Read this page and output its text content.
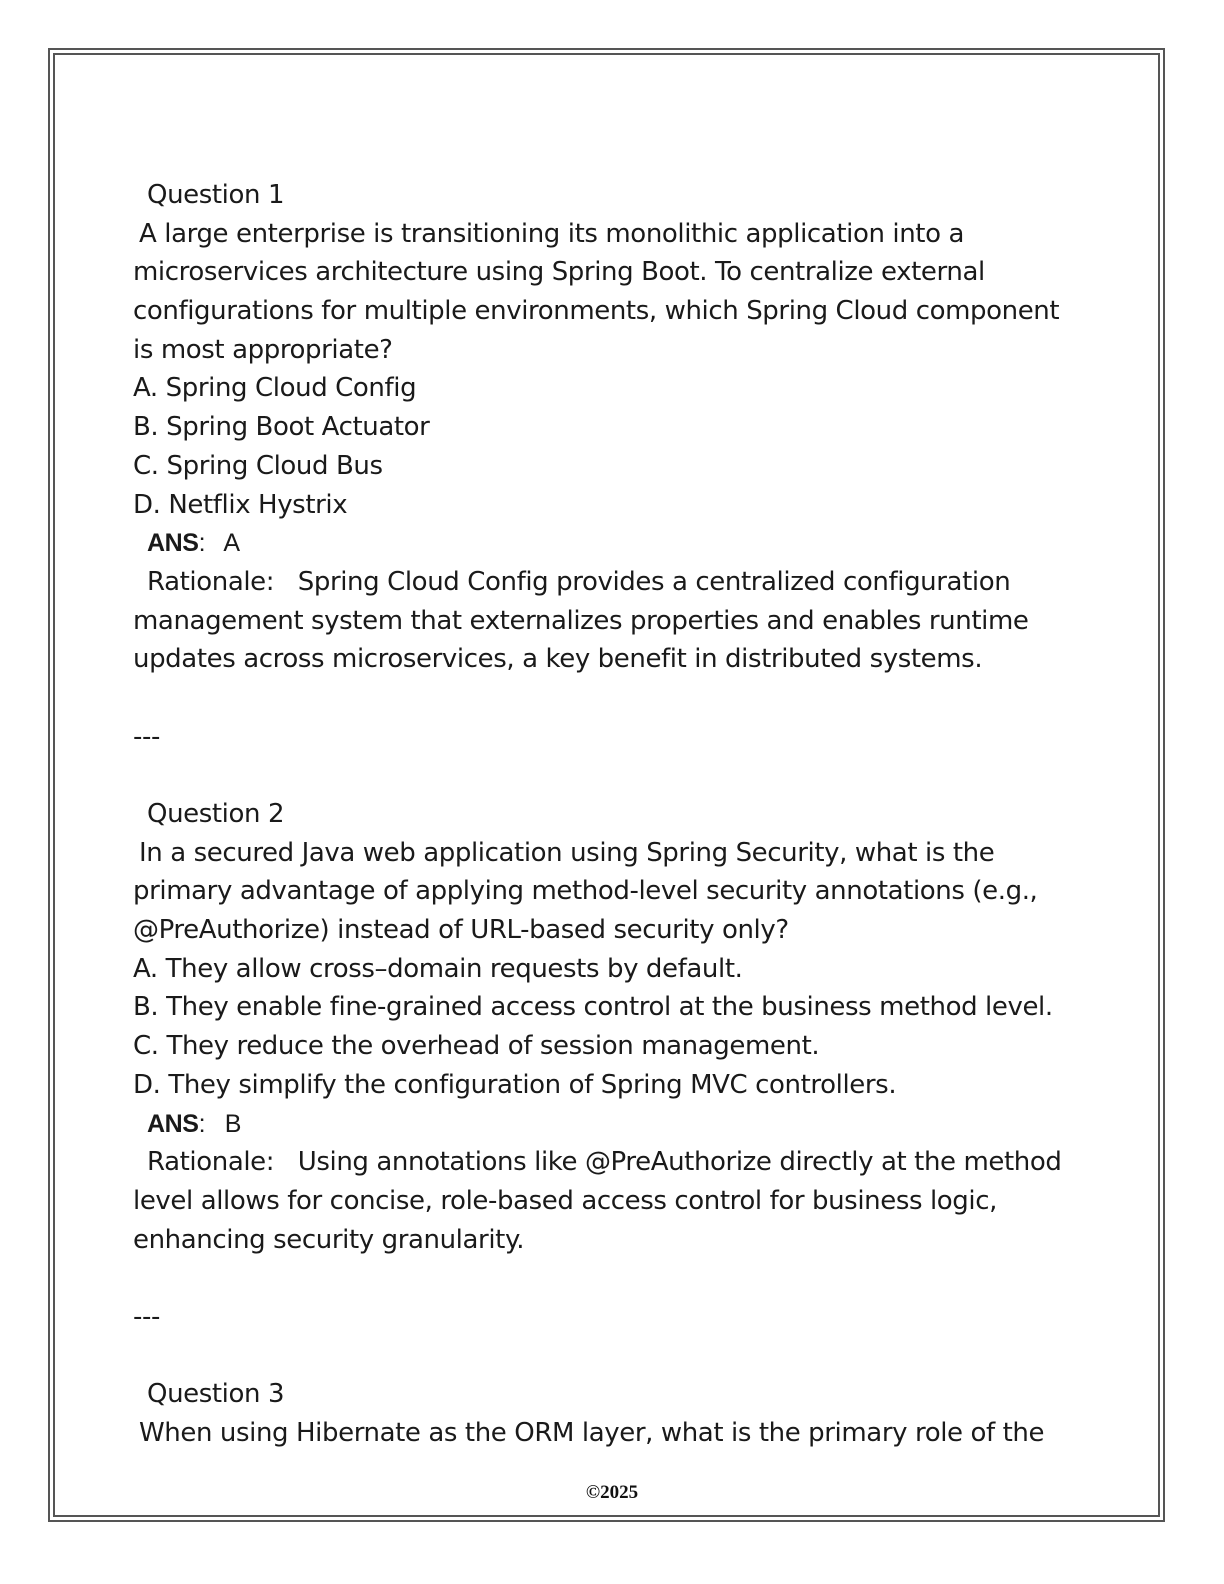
Question 1
A large enterprise is transitioning its monolithic application into a
microservices architecture using Spring Boot. To centralize external
configurations for multiple environments, which Spring Cloud component
is most appropriate?
A. Spring Cloud Config
B. Spring Boot Actuator
C. Spring Cloud Bus
D. Netflix Hystrix
ANS:   A
Rationale:   Spring Cloud Config provides a centralized configuration
management system that externalizes properties and enables runtime
updates across microservices, a key benefit in distributed systems.
---
Question 2
In a secured Java web application using Spring Security, what is the
primary advantage of applying method-level security annotations (e.g.,
@PreAuthorize) instead of URL-based security only?
A. They allow cross–domain requests by default.
B. They enable fine-grained access control at the business method level.
C. They reduce the overhead of session management.
D. They simplify the configuration of Spring MVC controllers.
ANS:   B
Rationale:   Using annotations like @PreAuthorize directly at the method
level allows for concise, role-based access control for business logic,
enhancing security granularity.
---
Question 3
When using Hibernate as the ORM layer, what is the primary role of the
©2025
